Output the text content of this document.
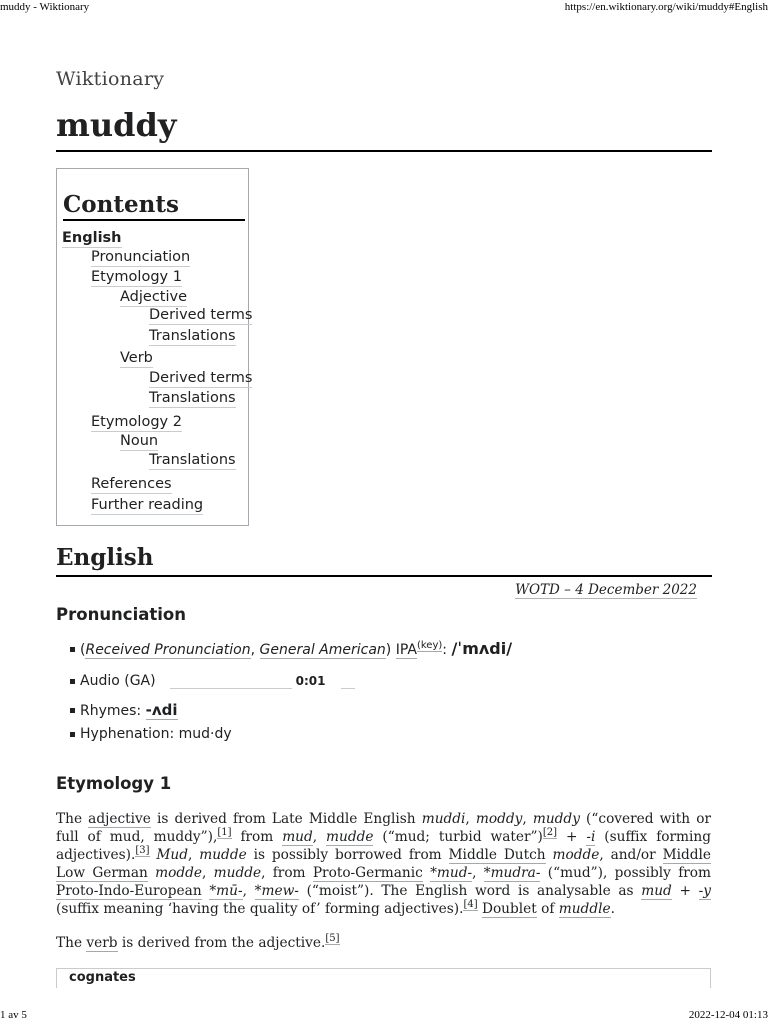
muddy - Wiktionary	https://en.wiktionary.org/wiki/muddy#English
Wiktionary
muddy
Contents
English
Pronunciation
Etymology 1
Adjective
Derived terms
Translations
Verb
Derived terms
Translations
Etymology 2
Noun
Translations
References
Further reading
English
WOTD – 4 December 2022
Pronunciation
(Received Pronunciation, General American) IPA$^{(key)}$: /ˈmʌdi/
Audio (GA)	0:01
Rhymes: -ʌdi
Hyphenation: mud·dy
Etymology 1
The adjective is derived from Late Middle English muddi, moddy, muddy (“covered with or full of mud, muddy”),[1] from mud, mudde (“mud; turbid water”)[2] + -i (suffix forming adjectives).[3] Mud, mudde is possibly borrowed from Middle Dutch modde, and/or Middle Low German modde, mudde, from Proto-Germanic *mud-, *mudra- (“mud”), possibly from Proto-Indo-European *mū-, *mew- (“moist”). The English word is analysable as mud + -y (suffix meaning ‘having the quality of’ forming adjectives).[4] Doublet of muddle.
The verb is derived from the adjective.[5]
cognates
1 av 5	2022-12-04 01:13
